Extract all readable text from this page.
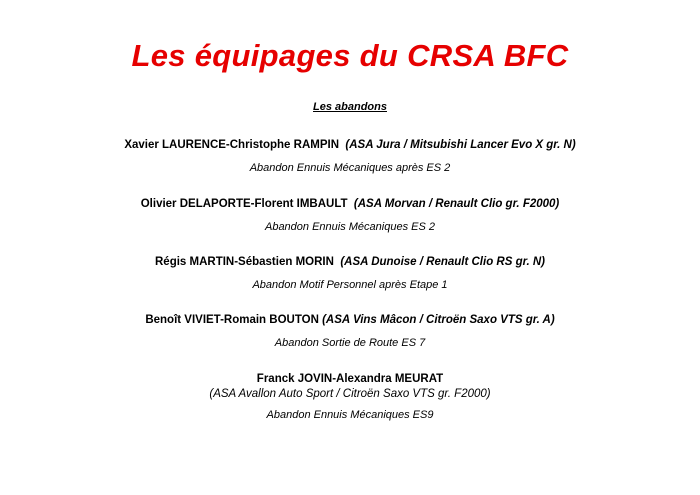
Les équipages du CRSA BFC
Les abandons
Xavier LAURENCE-Christophe RAMPIN (ASA Jura / Mitsubishi Lancer Evo X gr. N)
Abandon Ennuis Mécaniques après ES 2
Olivier DELAPORTE-Florent IMBAULT (ASA Morvan / Renault Clio gr. F2000)
Abandon Ennuis Mécaniques ES 2
Régis MARTIN-Sébastien MORIN (ASA Dunoise / Renault Clio RS gr. N)
Abandon Motif Personnel après Etape 1
Benoît VIVIET-Romain BOUTON (ASA Vins Mâcon / Citroën Saxo VTS gr. A)
Abandon Sortie de Route ES 7
Franck JOVIN-Alexandra MEURAT
(ASA Avallon Auto Sport / Citroën Saxo VTS gr. F2000)
Abandon Ennuis Mécaniques ES9
